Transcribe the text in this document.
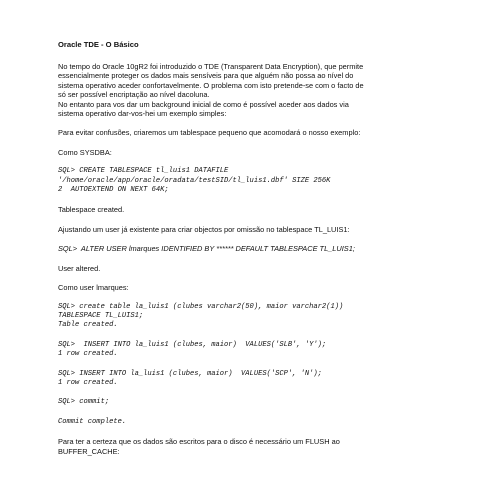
Oracle TDE - O Básico
No tempo do Oracle 10gR2 foi introduzido o TDE (Transparent Data Encryption), que permite
essencialmente proteger os dados mais sensíveis para que alguém não possa ao nível do
sistema operativo aceder confortavelmente. O problema com isto pretende-se com o facto de
só ser possível encriptação ao nível dacoluna.
No entanto para vos dar um background inicial de como é possível aceder aos dados via
sistema operativo dar-vos-hei um exemplo simples:
Para evitar confusões, criaremos um tablespace pequeno que acomodará o nosso exemplo:
Como SYSDBA:
SQL> CREATE TABLESPACE tl_luis1 DATAFILE
'/home/oracle/app/oracle/oradata/testSID/tl_luis1.dbf' SIZE 256K
2  AUTOEXTEND ON NEXT 64K;
Tablespace created.
Ajustando um user já existente para criar objectos por omissão no tablespace TL_LUIS1:
SQL>  ALTER USER lmarques IDENTIFIED BY ****** DEFAULT TABLESPACE TL_LUIS1;
User altered.
Como user lmarques:
SQL> create table la_luis1 (clubes varchar2(50), maior varchar2(1))
TABLESPACE TL_LUIS1;
Table created.
SQL>  INSERT INTO la_luis1 (clubes, maior)  VALUES('SLB', 'Y');
1 row created.
SQL> INSERT INTO la_luis1 (clubes, maior)  VALUES('SCP', 'N');
1 row created.
SQL> commit;
Commit complete.
Para ter a certeza que os dados são escritos para o disco é necessário um FLUSH ao
BUFFER_CACHE:
